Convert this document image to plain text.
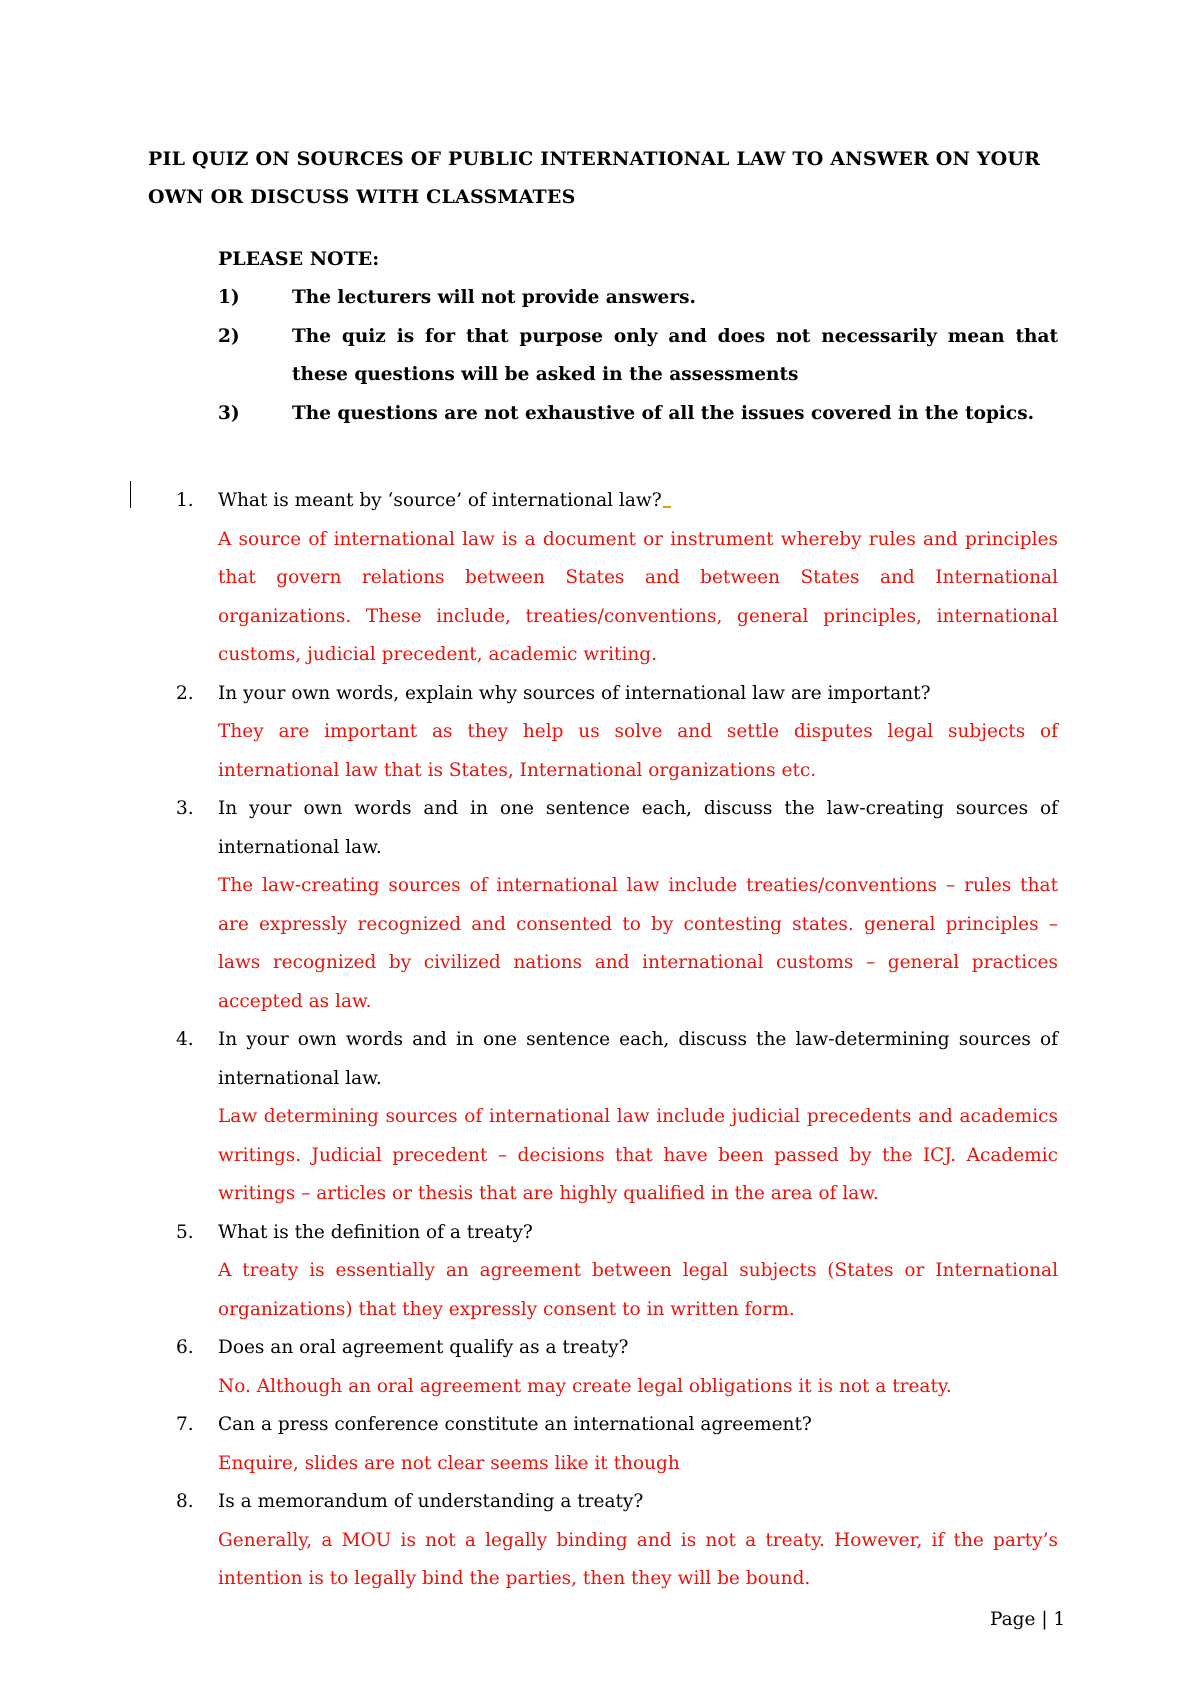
PIL QUIZ ON SOURCES OF PUBLIC INTERNATIONAL LAW TO ANSWER ON YOUR OWN OR DISCUSS WITH CLASSMATES
PLEASE NOTE:
1)	The lecturers will not provide answers.
2)	The quiz is for that purpose only and does not necessarily mean that these questions will be asked in the assessments
3)	The questions are not exhaustive of all the issues covered in the topics.
1.	What is meant by ‘source’ of international law?
A source of international law is a document or instrument whereby rules and principles that govern relations between States and between States and International organizations. These include, treaties/conventions, general principles, international customs, judicial precedent, academic writing.
2.	In your own words, explain why sources of international law are important?
They are important as they help us solve and settle disputes legal subjects of international law that is States, International organizations etc.
3.	In your own words and in one sentence each, discuss the law-creating sources of international law.
The law-creating sources of international law include treaties/conventions – rules that are expressly recognized and consented to by contesting states. general principles – laws recognized by civilized nations and international customs – general practices accepted as law.
4.	In your own words and in one sentence each, discuss the law-determining sources of international law.
Law determining sources of international law include judicial precedents and academics writings. Judicial precedent – decisions that have been passed by the ICJ. Academic writings – articles or thesis that are highly qualified in the area of law.
5.	What is the definition of a treaty?
A treaty is essentially an agreement between legal subjects (States or International organizations) that they expressly consent to in written form.
6.	Does an oral agreement qualify as a treaty?
No. Although an oral agreement may create legal obligations it is not a treaty.
7.	Can a press conference constitute an international agreement?
Enquire, slides are not clear seems like it though
8.	Is a memorandum of understanding a treaty?
Generally, a MOU is not a legally binding and is not a treaty. However, if the party’s intention is to legally bind the parties, then they will be bound.
Page | 1
